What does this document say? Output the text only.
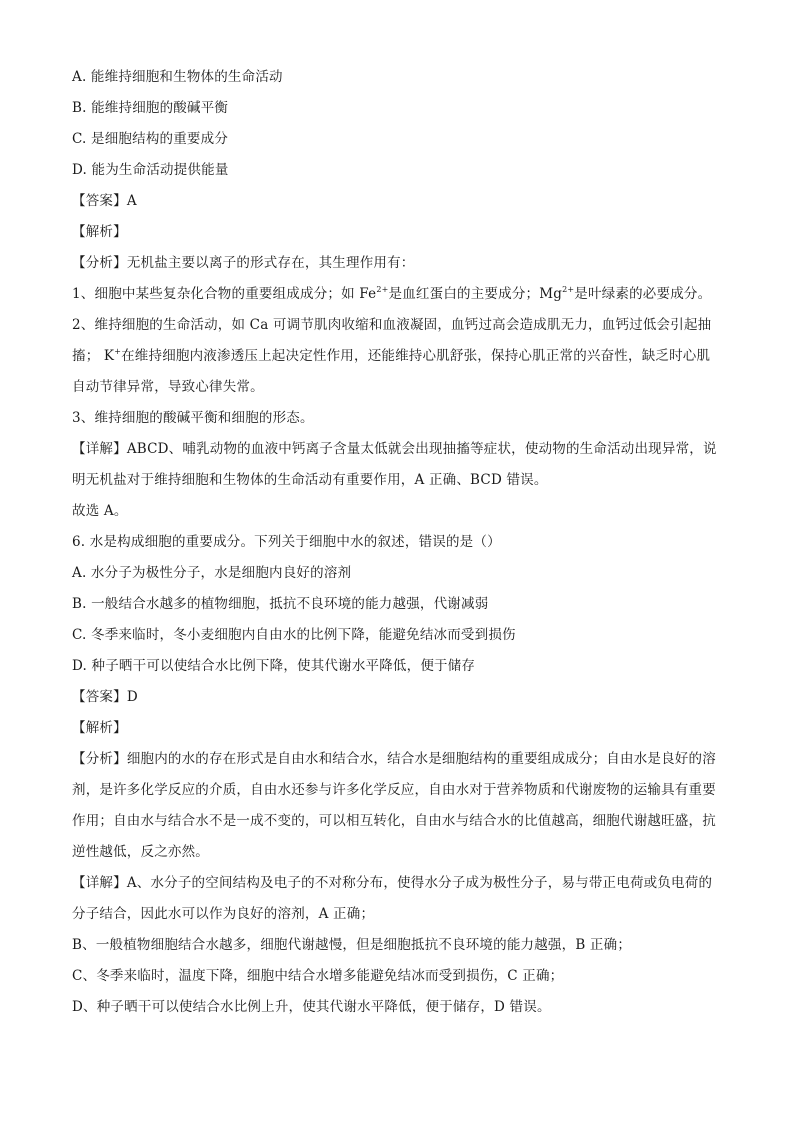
A. 能维持细胞和生物体的生命活动
B. 能维持细胞的酸碱平衡
C. 是细胞结构的重要成分
D. 能为生命活动提供能量
【答案】A
【解析】
【分析】无机盐主要以离子的形式存在，其生理作用有：
1、细胞中某些复杂化合物的重要组成成分；如 $Fe^{2+}$是血红蛋白的主要成分；$Mg^{2+}$是叶绿素的必要成分。
2、维持细胞的生命活动，如 Ca 可调节肌肉收缩和血液凝固，血钙过高会造成肌无力，血钙过低会引起抽搐； K+在维持细胞内液渗透压上起决定性作用，还能维持心肌舒张，保持心肌正常的兴奋性，缺乏时心肌自动节律异常，导致心律失常。
3、维持细胞的酸碱平衡和细胞的形态。
【详解】ABCD、哺乳动物的血液中钙离子含量太低就会出现抽搐等症状，使动物的生命活动出现异常，说明无机盐对于维持细胞和生物体的生命活动有重要作用，A 正确、BCD 错误。
故选 A。
6. 水是构成细胞的重要成分。下列关于细胞中水的叙述，错误的是（）
A. 水分子为极性分子，水是细胞内良好的溶剂
B. 一般结合水越多的植物细胞，抵抗不良环境的能力越强，代谢减弱
C. 冬季来临时，冬小麦细胞内自由水的比例下降，能避免结冰而受到损伤
D. 种子晒干可以使结合水比例下降，使其代谢水平降低，便于储存
【答案】D
【解析】
【分析】细胞内的水的存在形式是自由水和结合水，结合水是细胞结构的重要组成成分；自由水是良好的溶剂，是许多化学反应的介质，自由水还参与许多化学反应，自由水对于营养物质和代谢废物的运输具有重要作用；自由水与结合水不是一成不变的，可以相互转化，自由水与结合水的比值越高，细胞代谢越旺盛，抗逆性越低，反之亦然。
【详解】A、水分子的空间结构及电子的不对称分布，使得水分子成为极性分子，易与带正电荷或负电荷的分子结合，因此水可以作为良好的溶剂，A 正确；
B、一般植物细胞结合水越多，细胞代谢越慢，但是细胞抵抗不良环境的能力越强，B 正确；
C、冬季来临时，温度下降，细胞中结合水增多能避免结冰而受到损伤，C 正确；
D、种子晒干可以使结合水比例上升，使其代谢水平降低，便于储存，D 错误。
